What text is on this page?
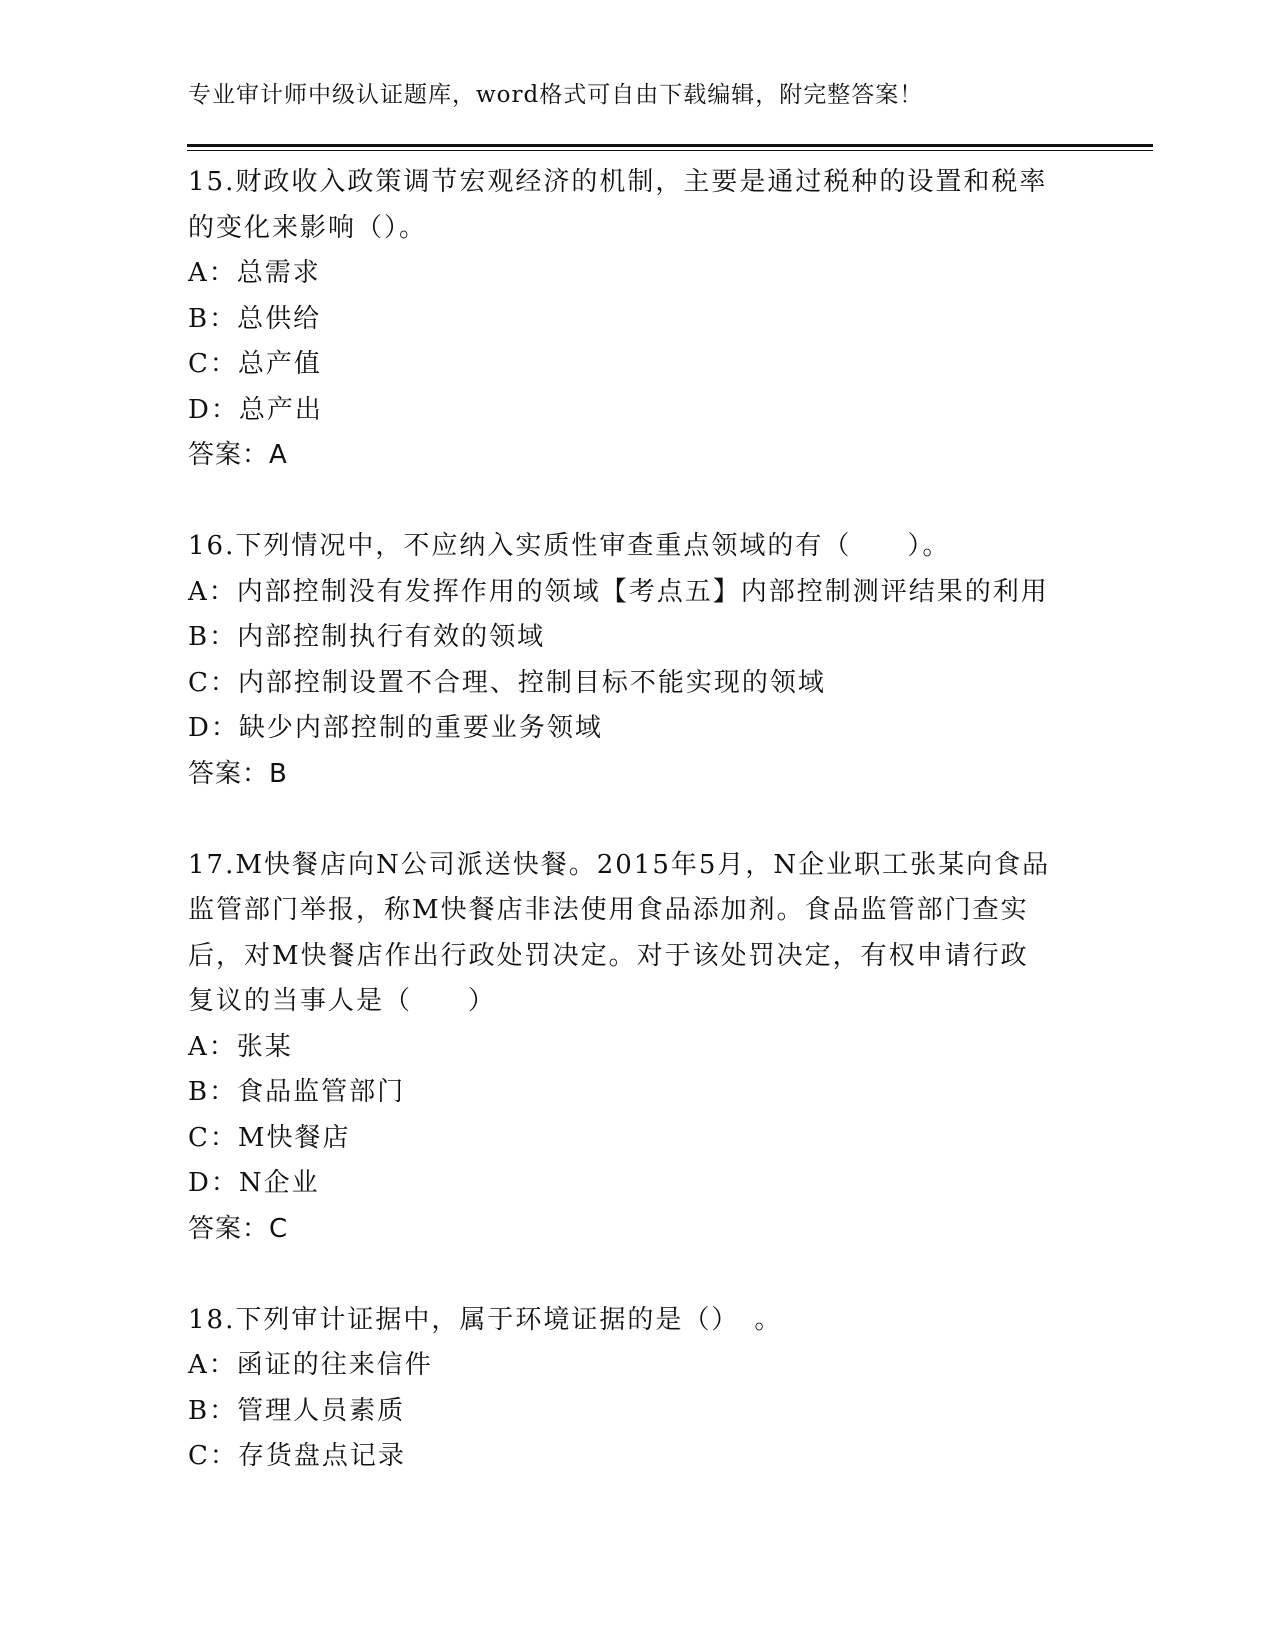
专业审计师中级认证题库，word格式可自由下载编辑，附完整答案！
15.财政收入政策调节宏观经济的机制，主要是通过税种的设置和税率
的变化来影响（）。
A：总需求
B：总供给
C：总产值
D：总产出
答案：A
16.下列情况中，不应纳入实质性审查重点领域的有（　　）。
A：内部控制没有发挥作用的领域【考点五】内部控制测评结果的利用
B：内部控制执行有效的领域
C：内部控制设置不合理、控制目标不能实现的领域
D：缺少内部控制的重要业务领域
答案：B
17.M快餐店向N公司派送快餐。2015年5月，N企业职工张某向食品
监管部门举报，称M快餐店非法使用食品添加剂。食品监管部门查实
后，对M快餐店作出行政处罚决定。对于该处罚决定，有权申请行政
复议的当事人是（　　）
A：张某
B：食品监管部门
C：M快餐店
D：N企业
答案：C
18.下列审计证据中，属于环境证据的是（）　。
A：函证的往来信件
B：管理人员素质
C：存货盘点记录
